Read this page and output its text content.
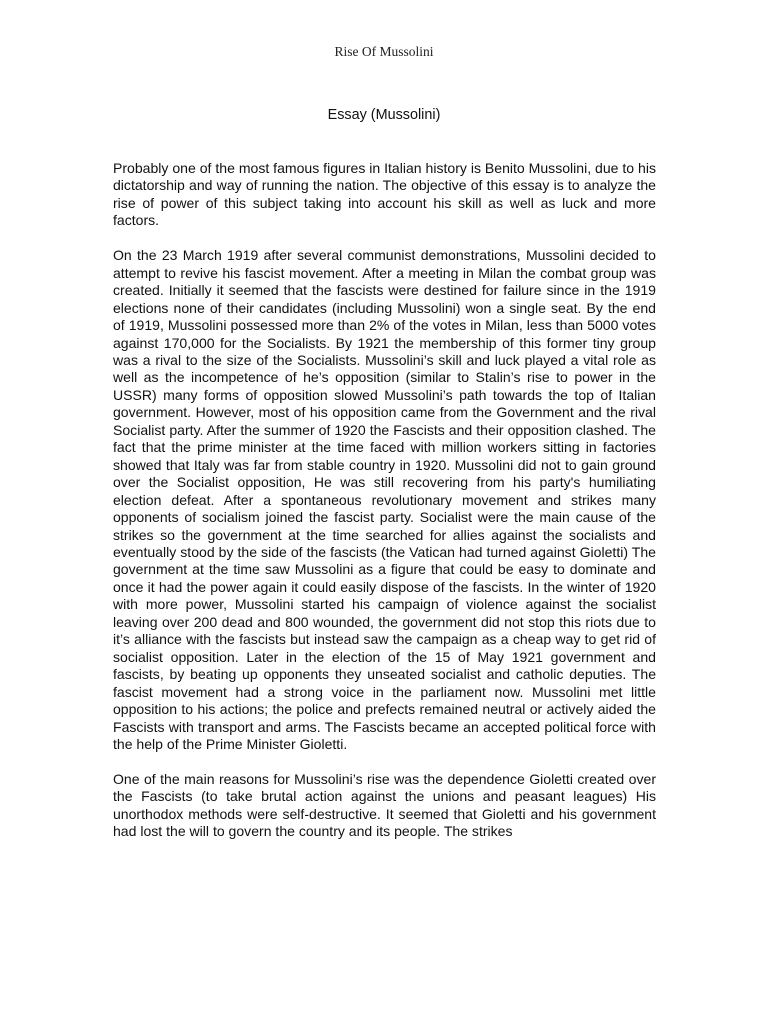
Rise Of Mussolini
Essay (Mussolini)

Probably one of the most famous figures in Italian history is Benito Mussolini, due to his dictatorship and way of running the nation. The objective of this essay is to analyze the rise of power of this subject taking into account his skill as well as luck and more factors.

On the 23 March 1919 after several communist demonstrations, Mussolini decided to attempt to revive his fascist movement. After a meeting in Milan the combat group was created. Initially it seemed that the fascists were destined for failure since in the 1919 elections none of their candidates (including Mussolini) won a single seat. By the end of 1919, Mussolini possessed more than 2% of the votes in Milan, less than 5000 votes against 170,000 for the Socialists. By 1921 the membership of this former tiny group was a rival to the size of the Socialists. Mussolini’s skill and luck played a vital role as well as the incompetence of he’s opposition (similar to Stalin’s rise to power in the USSR) many forms of opposition slowed Mussolini’s path towards the top of Italian government. However, most of his opposition came from the Government and the rival Socialist party. After the summer of 1920 the Fascists and their opposition clashed. The fact that the prime minister at the time faced with million workers sitting in factories showed that Italy was far from stable country in 1920. Mussolini did not to gain ground over the Socialist opposition, He was still recovering from his party's humiliating election defeat. After a spontaneous revolutionary movement and strikes many opponents of socialism joined the fascist party. Socialist were the main cause of the strikes so the government at the time searched for allies against the socialists and eventually stood by the side of the fascists (the Vatican had turned against Gioletti) The government at the time saw Mussolini as a figure that could be easy to dominate and once it had the power again it could easily dispose of the fascists. In the winter of 1920 with more power, Mussolini started his campaign of violence against the socialist leaving over 200 dead and 800 wounded, the government did not stop this riots due to it’s alliance with the fascists but instead saw the campaign as a cheap way to get rid of socialist opposition. Later in the election of the 15 of May 1921 government and fascists, by beating up opponents they unseated socialist and catholic deputies. The fascist movement had a strong voice in the parliament now. Mussolini met little opposition to his actions; the police and prefects remained neutral or actively aided the Fascists with transport and arms. The Fascists became an accepted political force with the help of the Prime Minister Gioletti.

One of the main reasons for Mussolini’s rise was the dependence Gioletti created over the Fascists (to take brutal action against the unions and peasant leagues) His unorthodox methods were self-destructive. It seemed that Gioletti and his government had lost the will to govern the country and its people. The strikes
